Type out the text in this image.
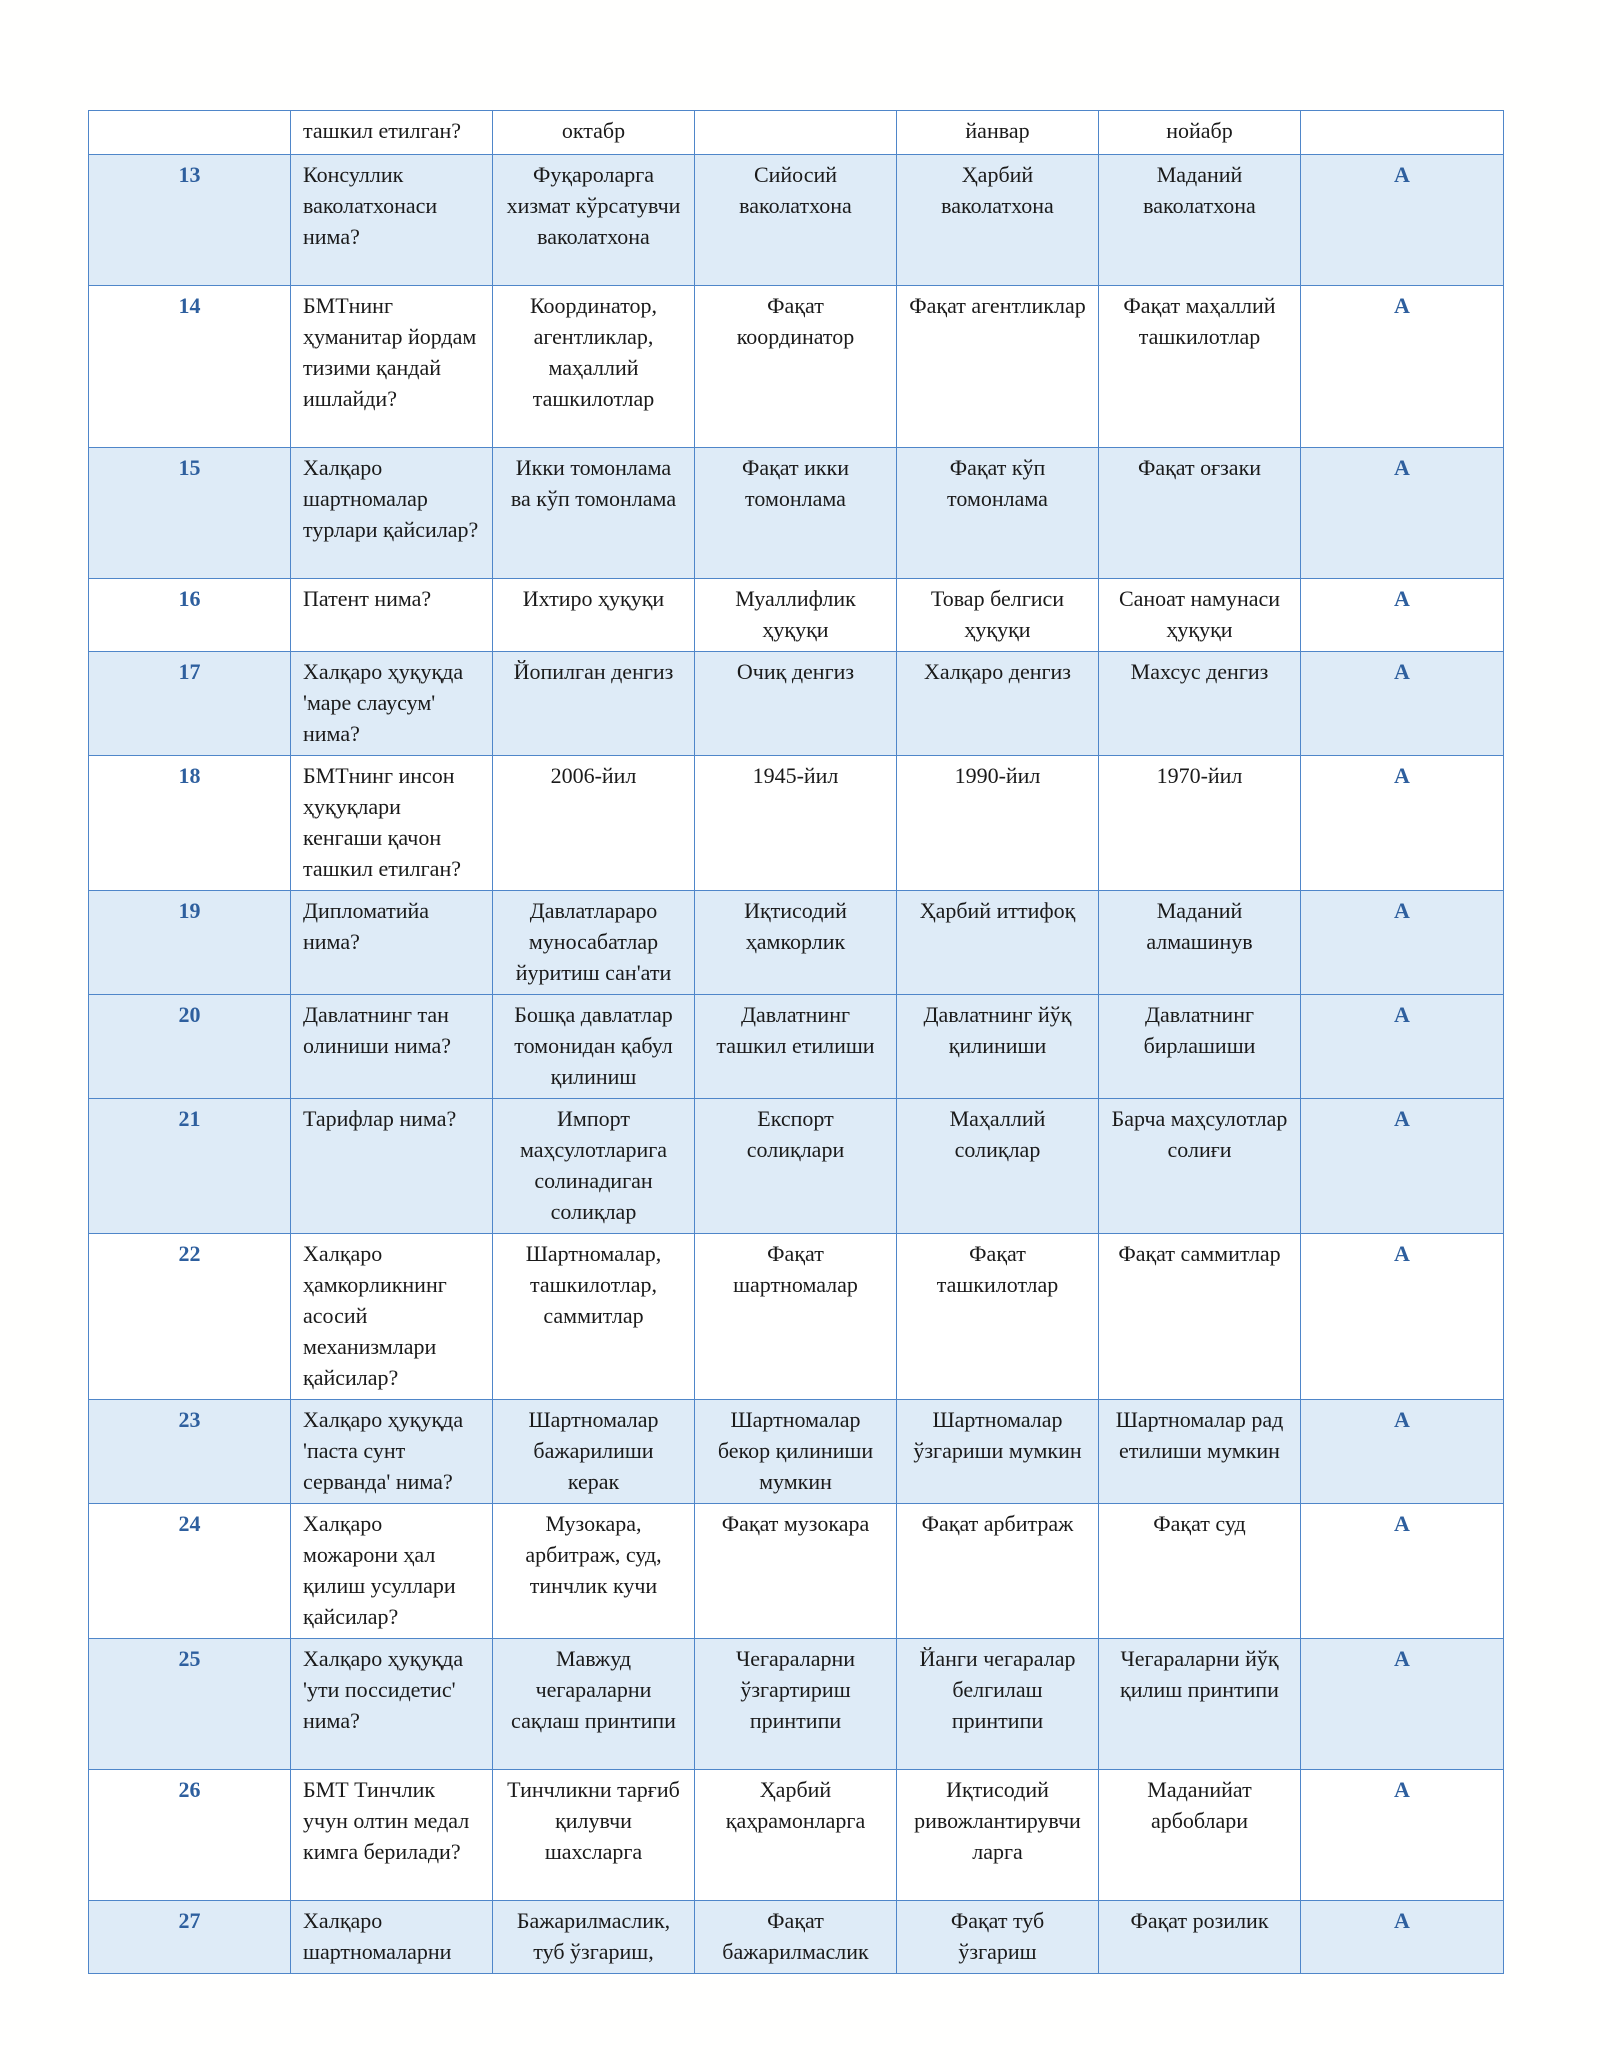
	ташкил етилган?	октабр		йанвар	нойабр	
13	Консуллик ваколатхонаси нима?	Фуқароларга хизмат кўрсатувчи ваколатхона	Сийосий ваколатхона	Ҳарбий ваколатхона	Маданий ваколатхона	A
14	БМТнинг ҳуманитар йордам тизими қандай ишлайди?	Координатор, агентликлар, маҳаллий ташкилотлар	Фақат координатор	Фақат агентликлар	Фақат маҳаллий ташкилотлар	A
15	Халқаро шартномалар турлари қайсилар?	Икки томонлама ва кўп томонлама	Фақат икки томонлама	Фақат кўп томонлама	Фақат оғзаки	A
16	Патент нима?	Ихтиро ҳуқуқи	Муаллифлик ҳуқуқи	Товар белгиси ҳуқуқи	Саноат намунаси ҳуқуқи	A
17	Халқаро ҳуқуқда 'маре слаусум' нима?	Йопилган денгиз	Очиқ денгиз	Халқаро денгиз	Махсус денгиз	A
18	БМТнинг инсон ҳуқуқлари кенгаши қачон ташкил етилган?	2006-йил	1945-йил	1990-йил	1970-йил	A
19	Дипломатийа нима?	Давлатлараро муносабатлар йуритиш сан'ати	Иқтисодий ҳамкорлик	Ҳарбий иттифоқ	Маданий алмашинув	A
20	Давлатнинг тан олиниши нима?	Бошқа давлатлар томонидан қабул қилиниш	Давлатнинг ташкил етилиши	Давлатнинг йўқ қилиниши	Давлатнинг бирлашиши	A
21	Тарифлар нима?	Импорт маҳсулотларига солинадиган солиқлар	Експорт солиқлари	Маҳаллий солиқлар	Барча маҳсулотлар солиғи	A
22	Халқаро ҳамкорликнинг асосий механизмлари қайсилар?	Шартномалар, ташкилотлар, саммитлар	Фақат шартномалар	Фақат ташкилотлар	Фақат саммитлар	A
23	Халқаро ҳуқуқда 'паста сунт серванда' нима?	Шартномалар бажарилиши керак	Шартномалар бекор қилиниши мумкин	Шартномалар ўзгариши мумкин	Шартномалар рад етилиши мумкин	A
24	Халқаро можарони ҳал қилиш усуллари қайсилар?	Музокара, арбитраж, суд, тинчлик кучи	Фақат музокара	Фақат арбитраж	Фақат суд	A
25	Халқаро ҳуқуқда 'ути поссидетис' нима?	Мавжуд чегараларни сақлаш принтипи	Чегараларни ўзгартириш принтипи	Йанги чегаралар белгилаш принтипи	Чегараларни йўқ қилиш принтипи	A
26	БМТ Тинчлик учун олтин медал кимга берилади?	Тинчликни тарғиб қилувчи шахсларга	Ҳарбий қаҳрамонларга	Иқтисодий ривожлантирувчиларга	Маданийат арбоблари	A
27	Халқаро шартномаларни	Бажарилмаслик, туб ўзгариш,	Фақат бажарилмаслик	Фақат туб ўзгариш	Фақат розилик	A
